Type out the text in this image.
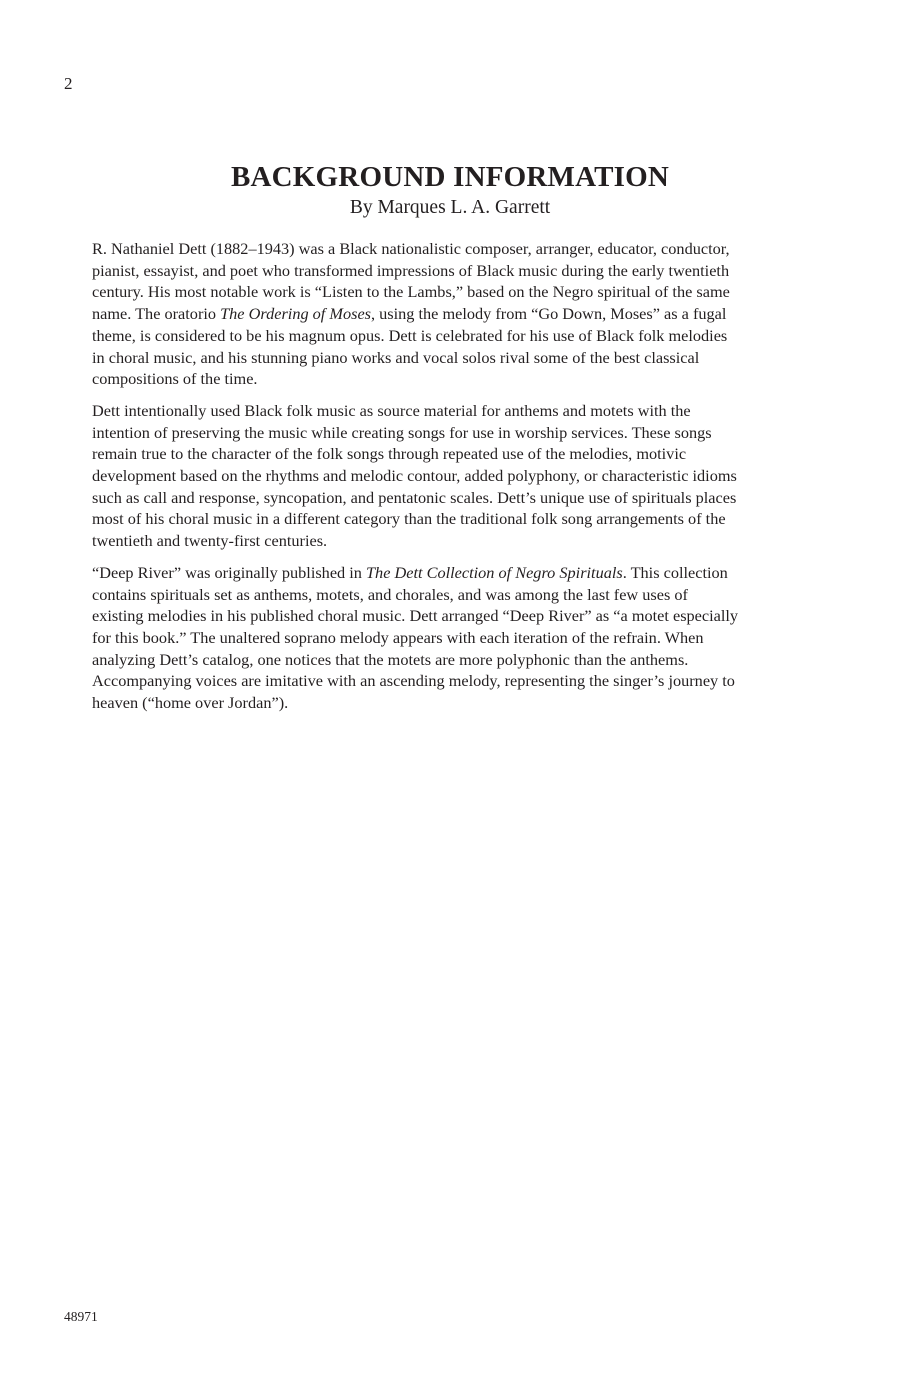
2
BACKGROUND INFORMATION
By Marques L. A. Garrett

R. Nathaniel Dett (1882–1943) was a Black nationalistic composer, arranger, educator, conductor,
pianist, essayist, and poet who transformed impressions of Black music during the early twentieth
century. His most notable work is “Listen to the Lambs,” based on the Negro spiritual of the same
name. The oratorio The Ordering of Moses, using the melody from “Go Down, Moses” as a fugal
theme, is considered to be his magnum opus. Dett is celebrated for his use of Black folk melodies
in choral music, and his stunning piano works and vocal solos rival some of the best classical
compositions of the time.

Dett intentionally used Black folk music as source material for anthems and motets with the
intention of preserving the music while creating songs for use in worship services. These songs
remain true to the character of the folk songs through repeated use of the melodies, motivic
development based on the rhythms and melodic contour, added polyphony, or characteristic idioms
such as call and response, syncopation, and pentatonic scales. Dett’s unique use of spirituals places
most of his choral music in a different category than the traditional folk song arrangements of the
twentieth and twenty-first centuries.

“Deep River” was originally published in The Dett Collection of Negro Spirituals. This collection
contains spirituals set as anthems, motets, and chorales, and was among the last few uses of
existing melodies in his published choral music. Dett arranged “Deep River” as “a motet especially
for this book.” The unaltered soprano melody appears with each iteration of the refrain. When
analyzing Dett’s catalog, one notices that the motets are more polyphonic than the anthems.
Accompanying voices are imitative with an ascending melody, representing the singer’s journey to
heaven (“home over Jordan”).

48971
